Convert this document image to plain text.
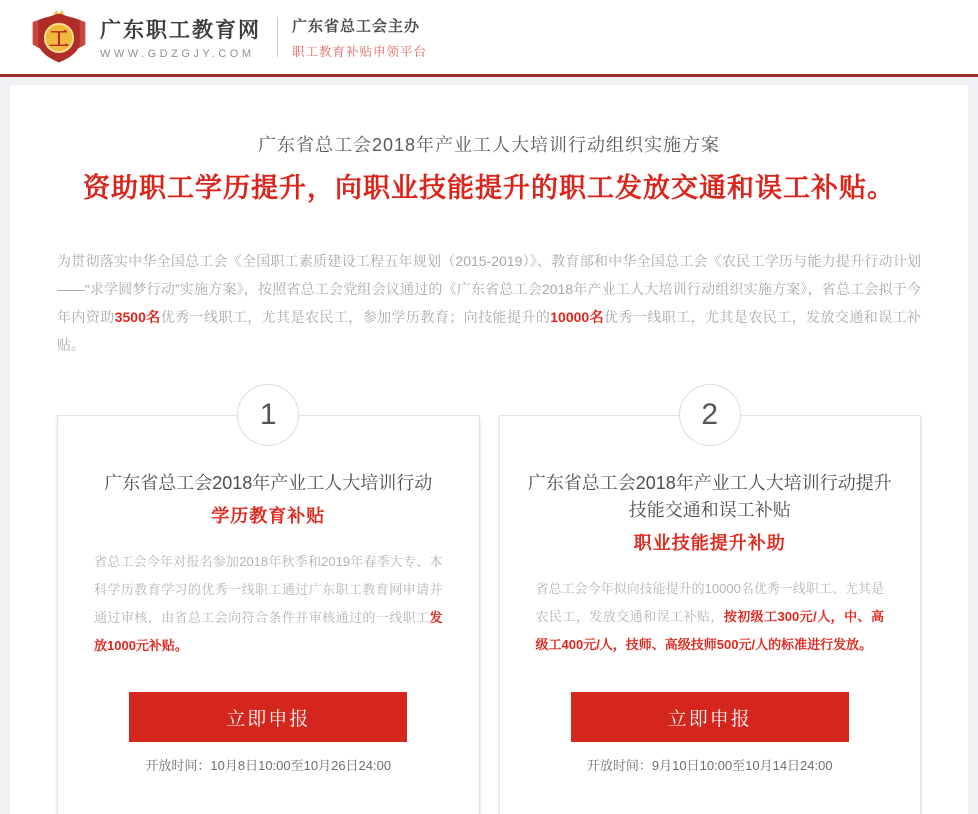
工 广东职工教育网
WWW.GDZGJY.COM
广东省总工会主办
职工教育补贴申领平台
广东省总工会2018年产业工人大培训行动组织实施方案
资助职工学历提升，向职业技能提升的职工发放交通和误工补贴。

为贯彻落实中华全国总工会《全国职工素质建设工程五年规划（2015-2019）》、教育部和中华全国总工会《农民工学历与能力提升行动计划——“求学圆梦行动”实施方案》，按照省总工会党组会议通过的《广东省总工会2018年产业工人大培训行动组织实施方案》，省总工会拟于今年内资助3500名优秀一线职工，尤其是农民工，参加学历教育；向技能提升的10000名优秀一线职工，尤其是农民工，发放交通和误工补贴。

1
广东省总工会2018年产业工人大培训行动
学历教育补贴

省总工会今年对报名参加2018年秋季和2019年春季大专、本科学历教育学习的优秀一线职工通过广东职工教育网申请并通过审核，由省总工会向符合条件并审核通过的一线职工发放1000元补贴。

立即申报
开放时间：10月8日10:00至10月26日24:00
2
广东省总工会2018年产业工人大培训行动提升技能交通和误工补贴
职业技能提升补助

省总工会今年拟向技能提升的10000名优秀一线职工、尤其是农民工，发放交通和误工补贴，按初级工300元/人，中、高级工400元/人，技师、高级技师500元/人的标准进行发放。

立即申报
开放时间：9月10日10:00至10月14日24:00
